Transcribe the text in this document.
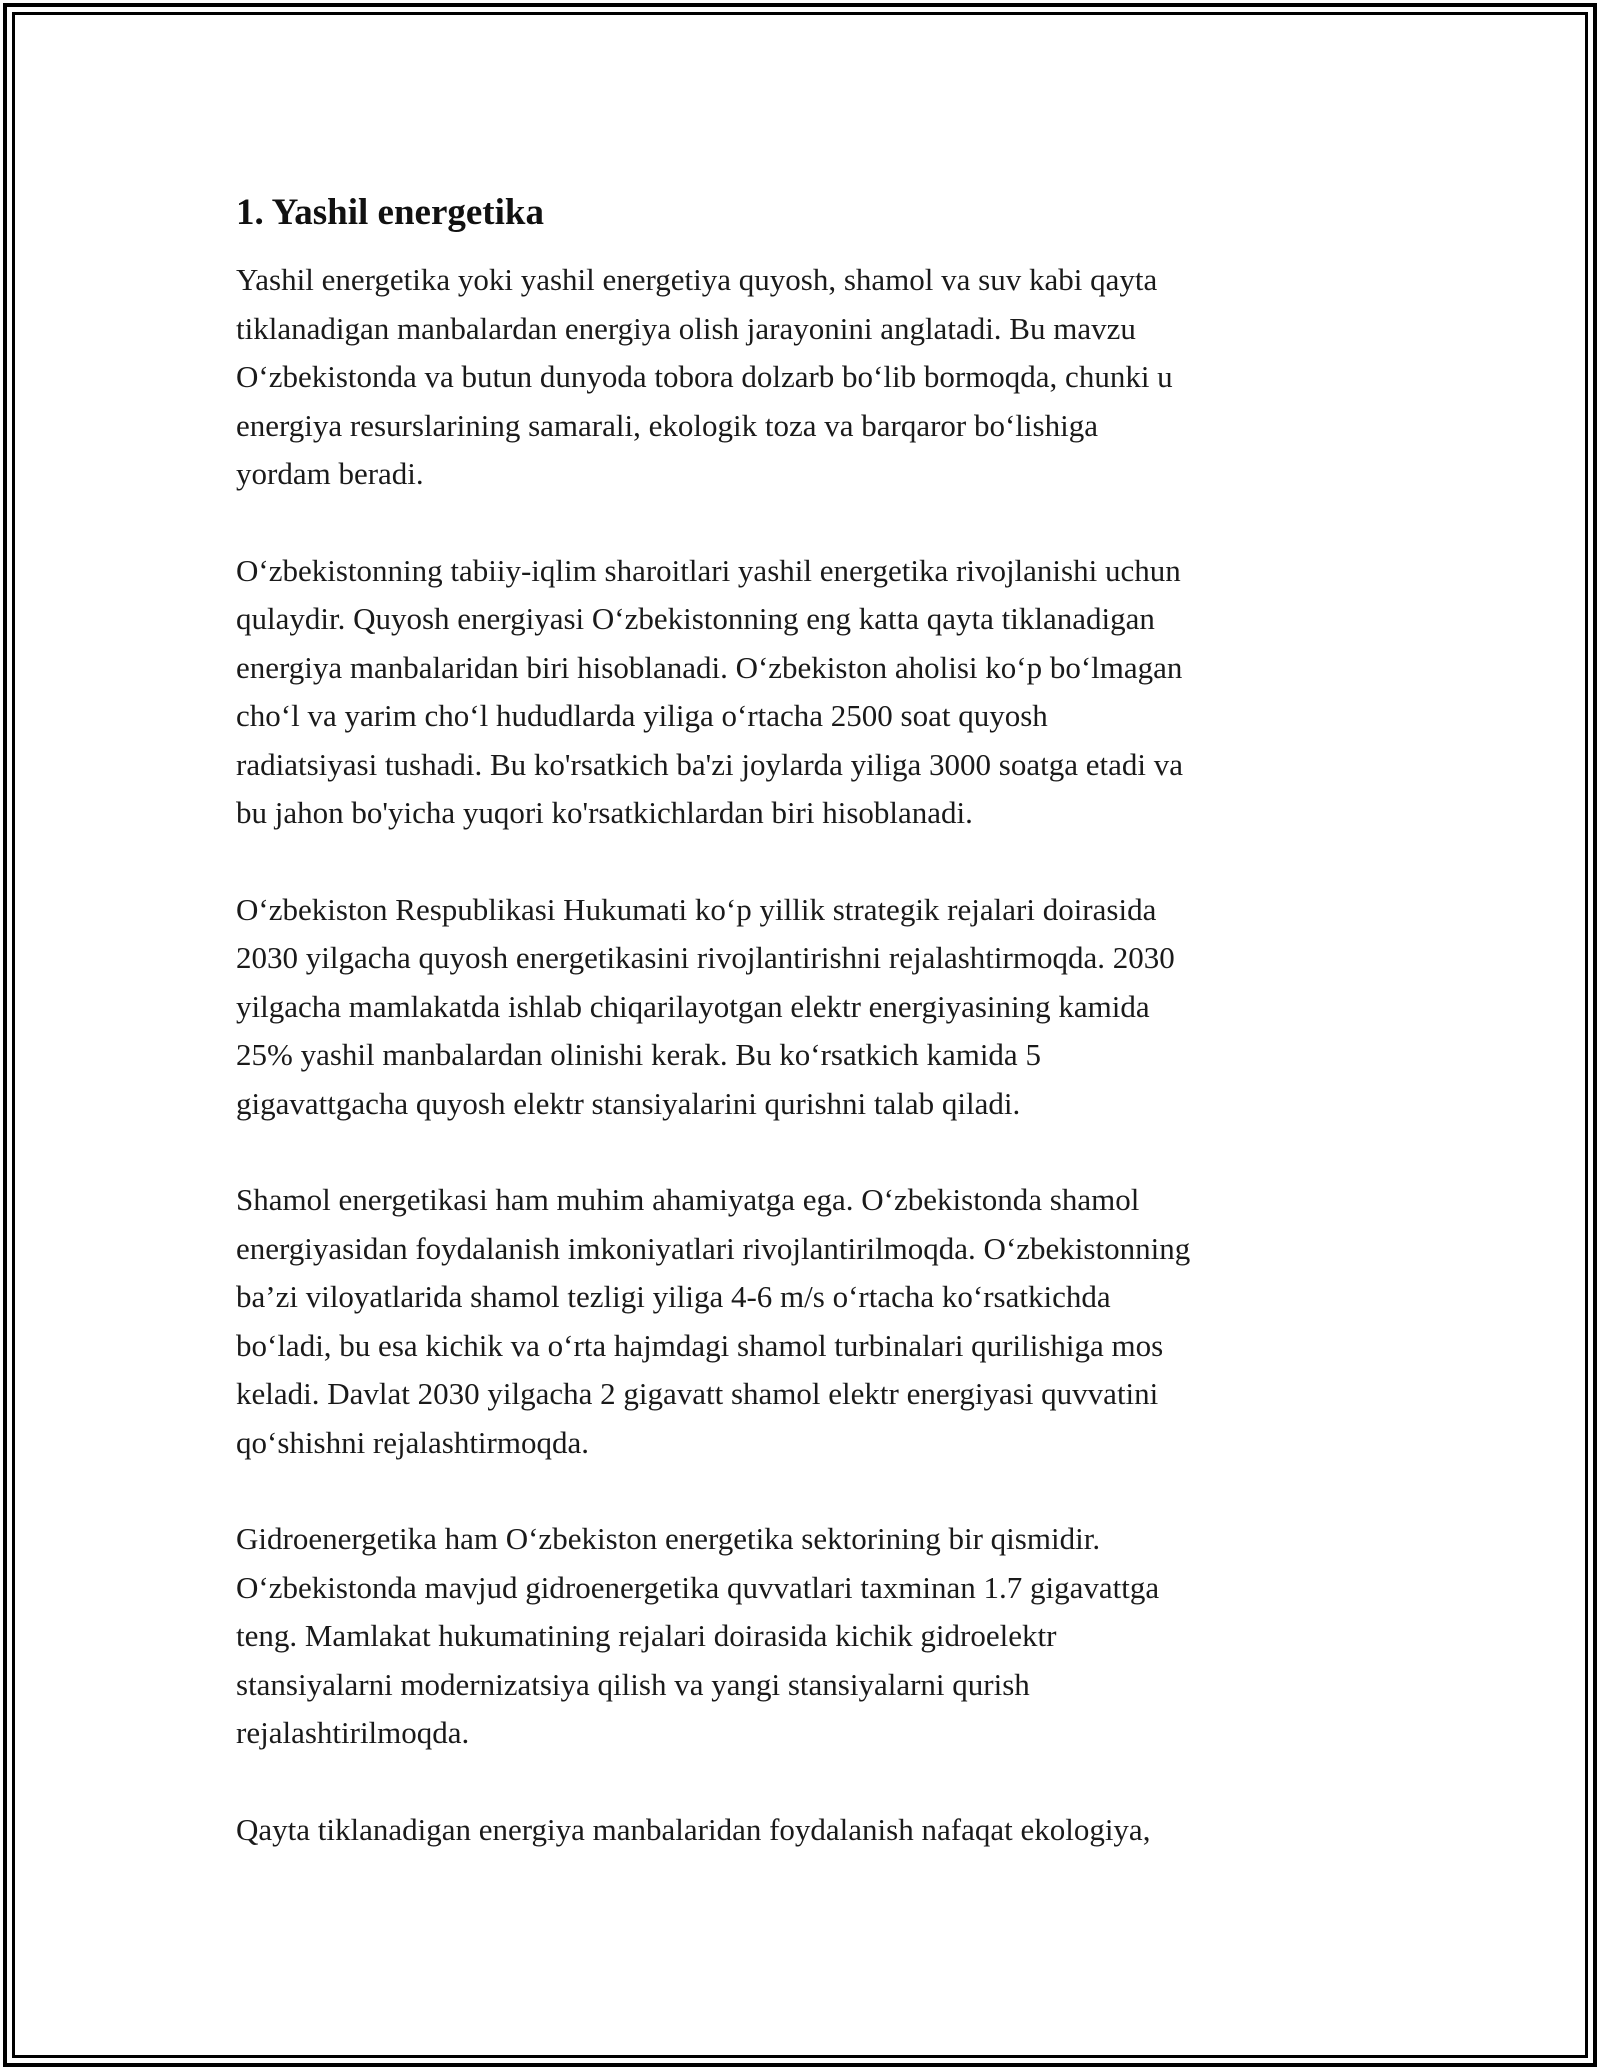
1. Yashil energetika

Yashil energetika yoki yashil energetiya quyosh, shamol va suv kabi qayta
tiklanadigan manbalardan energiya olish jarayonini anglatadi. Bu mavzu
O‘zbekistonda va butun dunyoda tobora dolzarb bo‘lib bormoqda, chunki u
energiya resurslarining samarali, ekologik toza va barqaror bo‘lishiga
yordam beradi.

O‘zbekistonning tabiiy-iqlim sharoitlari yashil energetika rivojlanishi uchun
qulaydir. Quyosh energiyasi O‘zbekistonning eng katta qayta tiklanadigan
energiya manbalaridan biri hisoblanadi. O‘zbekiston aholisi ko‘p bo‘lmagan
cho‘l va yarim cho‘l hududlarda yiliga o‘rtacha 2500 soat quyosh
radiatsiyasi tushadi. Bu ko'rsatkich ba'zi joylarda yiliga 3000 soatga etadi va
bu jahon bo'yicha yuqori ko'rsatkichlardan biri hisoblanadi.

O‘zbekiston Respublikasi Hukumati ko‘p yillik strategik rejalari doirasida
2030 yilgacha quyosh energetikasini rivojlantirishni rejalashtirmoqda. 2030
yilgacha mamlakatda ishlab chiqarilayotgan elektr energiyasining kamida
25% yashil manbalardan olinishi kerak. Bu ko‘rsatkich kamida 5
gigavattgacha quyosh elektr stansiyalarini qurishni talab qiladi.

Shamol energetikasi ham muhim ahamiyatga ega. O‘zbekistonda shamol
energiyasidan foydalanish imkoniyatlari rivojlantirilmoqda. O‘zbekistonning
ba’zi viloyatlarida shamol tezligi yiliga 4-6 m/s o‘rtacha ko‘rsatkichda
bo‘ladi, bu esa kichik va o‘rta hajmdagi shamol turbinalari qurilishiga mos
keladi. Davlat 2030 yilgacha 2 gigavatt shamol elektr energiyasi quvvatini
qo‘shishni rejalashtirmoqda.

Gidroenergetika ham O‘zbekiston energetika sektorining bir qismidir.
O‘zbekistonda mavjud gidroenergetika quvvatlari taxminan 1.7 gigavattga
teng. Mamlakat hukumatining rejalari doirasida kichik gidroelektr
stansiyalarni modernizatsiya qilish va yangi stansiyalarni qurish
rejalashtirilmoqda.

Qayta tiklanadigan energiya manbalaridan foydalanish nafaqat ekologiya,
